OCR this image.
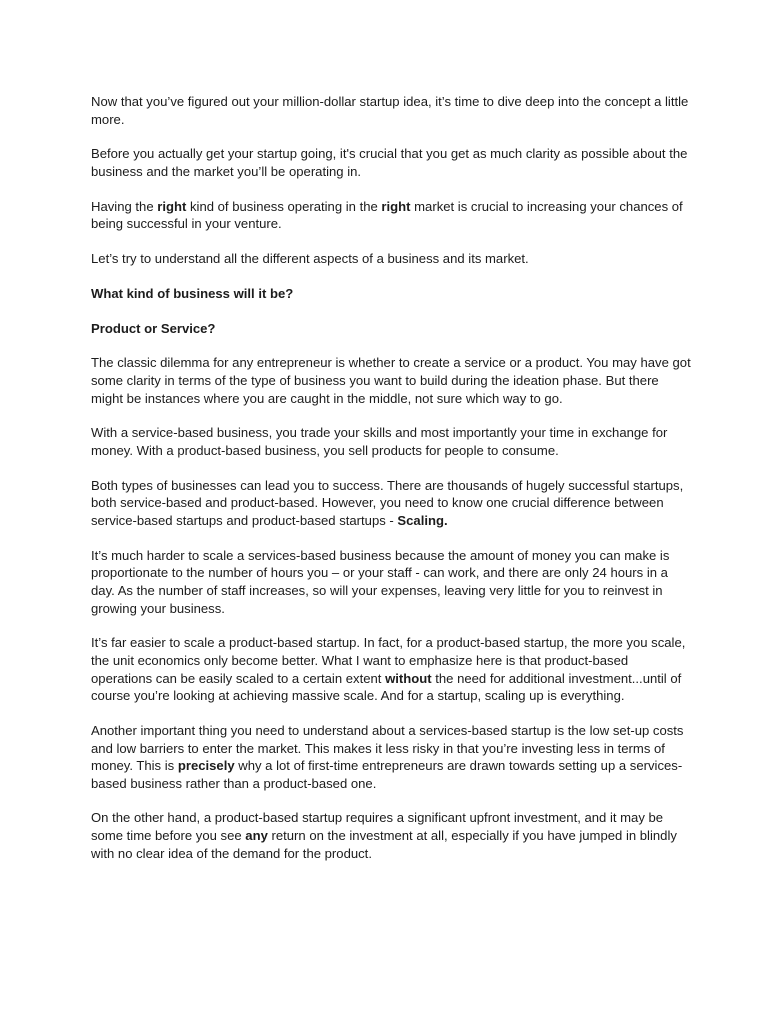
Now that you’ve figured out your million-dollar startup idea, it’s time to dive deep into the concept a little more.

Before you actually get your startup going, it's crucial that you get as much clarity as possible about the business and the market you’ll be operating in.

Having the right kind of business operating in the right market is crucial to increasing your chances of being successful in your venture.

Let’s try to understand all the different aspects of a business and its market.

What kind of business will it be?

Product or Service?

The classic dilemma for any entrepreneur is whether to create a service or a product. You may have got some clarity in terms of the type of business you want to build during the ideation phase. But there might be instances where you are caught in the middle, not sure which way to go.

With a service-based business, you trade your skills and most importantly your time in exchange for money. With a product-based business, you sell products for people to consume.

Both types of businesses can lead you to success. There are thousands of hugely successful startups, both service-based and product-based. However, you need to know one crucial difference between service-based startups and product-based startups - Scaling.

It’s much harder to scale a services-based business because the amount of money you can make is proportionate to the number of hours you – or your staff - can work, and there are only 24 hours in a day. As the number of staff increases, so will your expenses, leaving very little for you to reinvest in growing your business.

It’s far easier to scale a product-based startup. In fact, for a product-based startup, the more you scale, the unit economics only become better. What I want to emphasize here is that product-based operations can be easily scaled to a certain extent without the need for additional investment...until of course you’re looking at achieving massive scale. And for a startup, scaling up is everything.

Another important thing you need to understand about a services-based startup is the low set-up costs and low barriers to enter the market. This makes it less risky in that you’re investing less in terms of money. This is precisely why a lot of first-time entrepreneurs are drawn towards setting up a services-based business rather than a product-based one.

On the other hand, a product-based startup requires a significant upfront investment, and it may be some time before you see any return on the investment at all, especially if you have jumped in blindly with no clear idea of the demand for the product.
